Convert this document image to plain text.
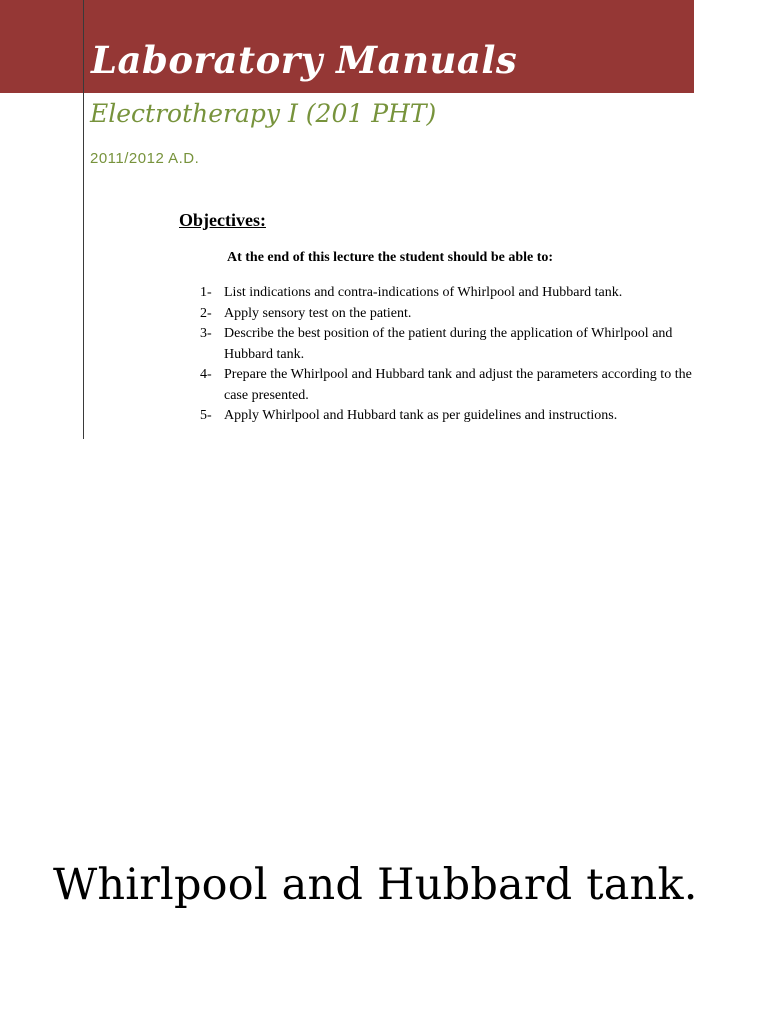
Laboratory Manuals
Electrotherapy I (201 PHT)
2011/2012 A.D.
Objectives:
At the end of this lecture the student should be able to:
1- List indications and contra-indications of Whirlpool and Hubbard tank.
2- Apply sensory test on the patient.
3- Describe the best position of the patient during the application of Whirlpool and Hubbard tank.
4- Prepare the Whirlpool and Hubbard tank and adjust the parameters according to the case presented.
5- Apply Whirlpool and Hubbard tank as per guidelines and instructions.
Whirlpool and Hubbard tank.
